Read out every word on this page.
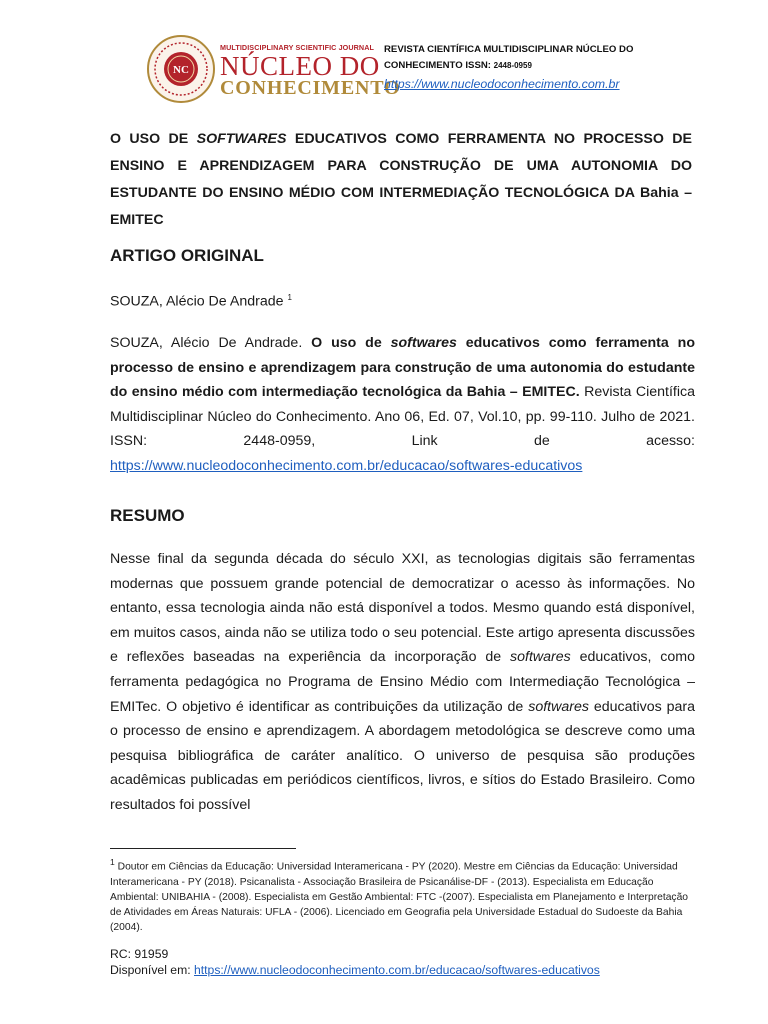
NC
MULTIDISCIPLINARY SCIENTIFIC JOURNAL
NÚCLEO DO
CONHECIMENTO
REVISTA CIENTÍFICA MULTIDISCIPLINAR NÚCLEO DO
CONHECIMENTO ISSN: 2448-0959
https://www.nucleodoconhecimento.com.br
O USO DE SOFTWARES EDUCATIVOS COMO FERRAMENTA NO PROCESSO DE ENSINO E APRENDIZAGEM PARA CONSTRUÇÃO DE UMA AUTONOMIA DO ESTUDANTE DO ENSINO MÉDIO COM INTERMEDIAÇÃO TECNOLÓGICA DA Bahia – EMITEC
ARTIGO ORIGINAL
SOUZA, Alécio De Andrade $^1$
SOUZA, Alécio De Andrade. O uso de softwares educativos como ferramenta no processo de ensino e aprendizagem para construção de uma autonomia do estudante do ensino médio com intermediação tecnológica da Bahia – EMITEC. Revista Científica Multidisciplinar Núcleo do Conhecimento. Ano 06, Ed. 07, Vol.10, pp. 99-110. Julho de 2021. ISSN: 2448-0959, Link de acesso: https://www.nucleodoconhecimento.com.br/educacao/softwares-educativos
RESUMO
Nesse final da segunda década do século XXI, as tecnologias digitais são ferramentas modernas que possuem grande potencial de democratizar o acesso às informações. No entanto, essa tecnologia ainda não está disponível a todos. Mesmo quando está disponível, em muitos casos, ainda não se utiliza todo o seu potencial. Este artigo apresenta discussões e reflexões baseadas na experiência da incorporação de softwares educativos, como ferramenta pedagógica no Programa de Ensino Médio com Intermediação Tecnológica – EMITec. O objetivo é identificar as contribuições da utilização de softwares educativos para o processo de ensino e aprendizagem. A abordagem metodológica se descreve como uma pesquisa bibliográfica de caráter analítico. O universo de pesquisa são produções acadêmicas publicadas em periódicos científicos, livros, e sítios do Estado Brasileiro. Como resultados foi possível
$^1$ Doutor em Ciências da Educação: Universidad Interamericana - PY (2020). Mestre em Ciências da Educação: Universidad Interamericana - PY (2018). Psicanalista - Associação Brasileira de Psicanálise-DF - (2013). Especialista em Educação Ambiental: UNIBAHIA - (2008). Especialista em Gestão Ambiental: FTC -(2007). Especialista em Planejamento e Interpretação de Atividades em Áreas Naturais: UFLA - (2006). Licenciado em Geografia pela Universidade Estadual do Sudoeste da Bahia (2004).
RC: 91959
Disponível em: https://www.nucleodoconhecimento.com.br/educacao/softwares-educativos
